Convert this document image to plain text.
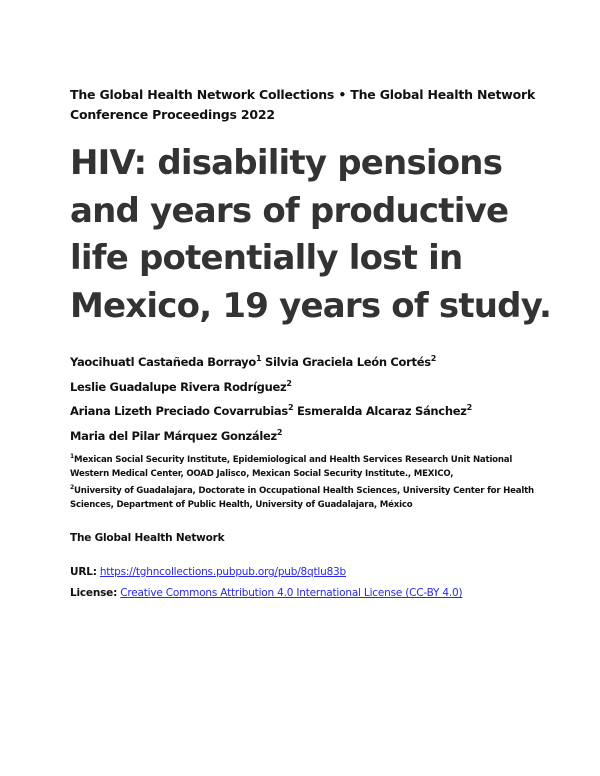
The Global Health Network Collections • The Global Health Network Conference Proceedings 2022
HIV: disability pensions and years of productive life potentially lost in Mexico, 19 years of study.
Yaocihuatl Castañeda Borrayo$^1$ Silvia Graciela León Cortés$^2$
Leslie Guadalupe Rivera Rodríguez$^2$
Ariana Lizeth Preciado Covarrubias$^2$ Esmeralda Alcaraz Sánchez$^2$
Maria del Pilar Márquez González$^2$
$^1$Mexican Social Security Institute, Epidemiological and Health Services Research Unit National Western Medical Center, OOAD Jalisco, Mexican Social Security Institute., MEXICO,
$^2$University of Guadalajara, Doctorate in Occupational Health Sciences, University Center for Health Sciences, Department of Public Health, University of Guadalajara, México
The Global Health Network
URL: https://tghncollections.pubpub.org/pub/8qtlu83b
License: Creative Commons Attribution 4.0 International License (CC-BY 4.0)
